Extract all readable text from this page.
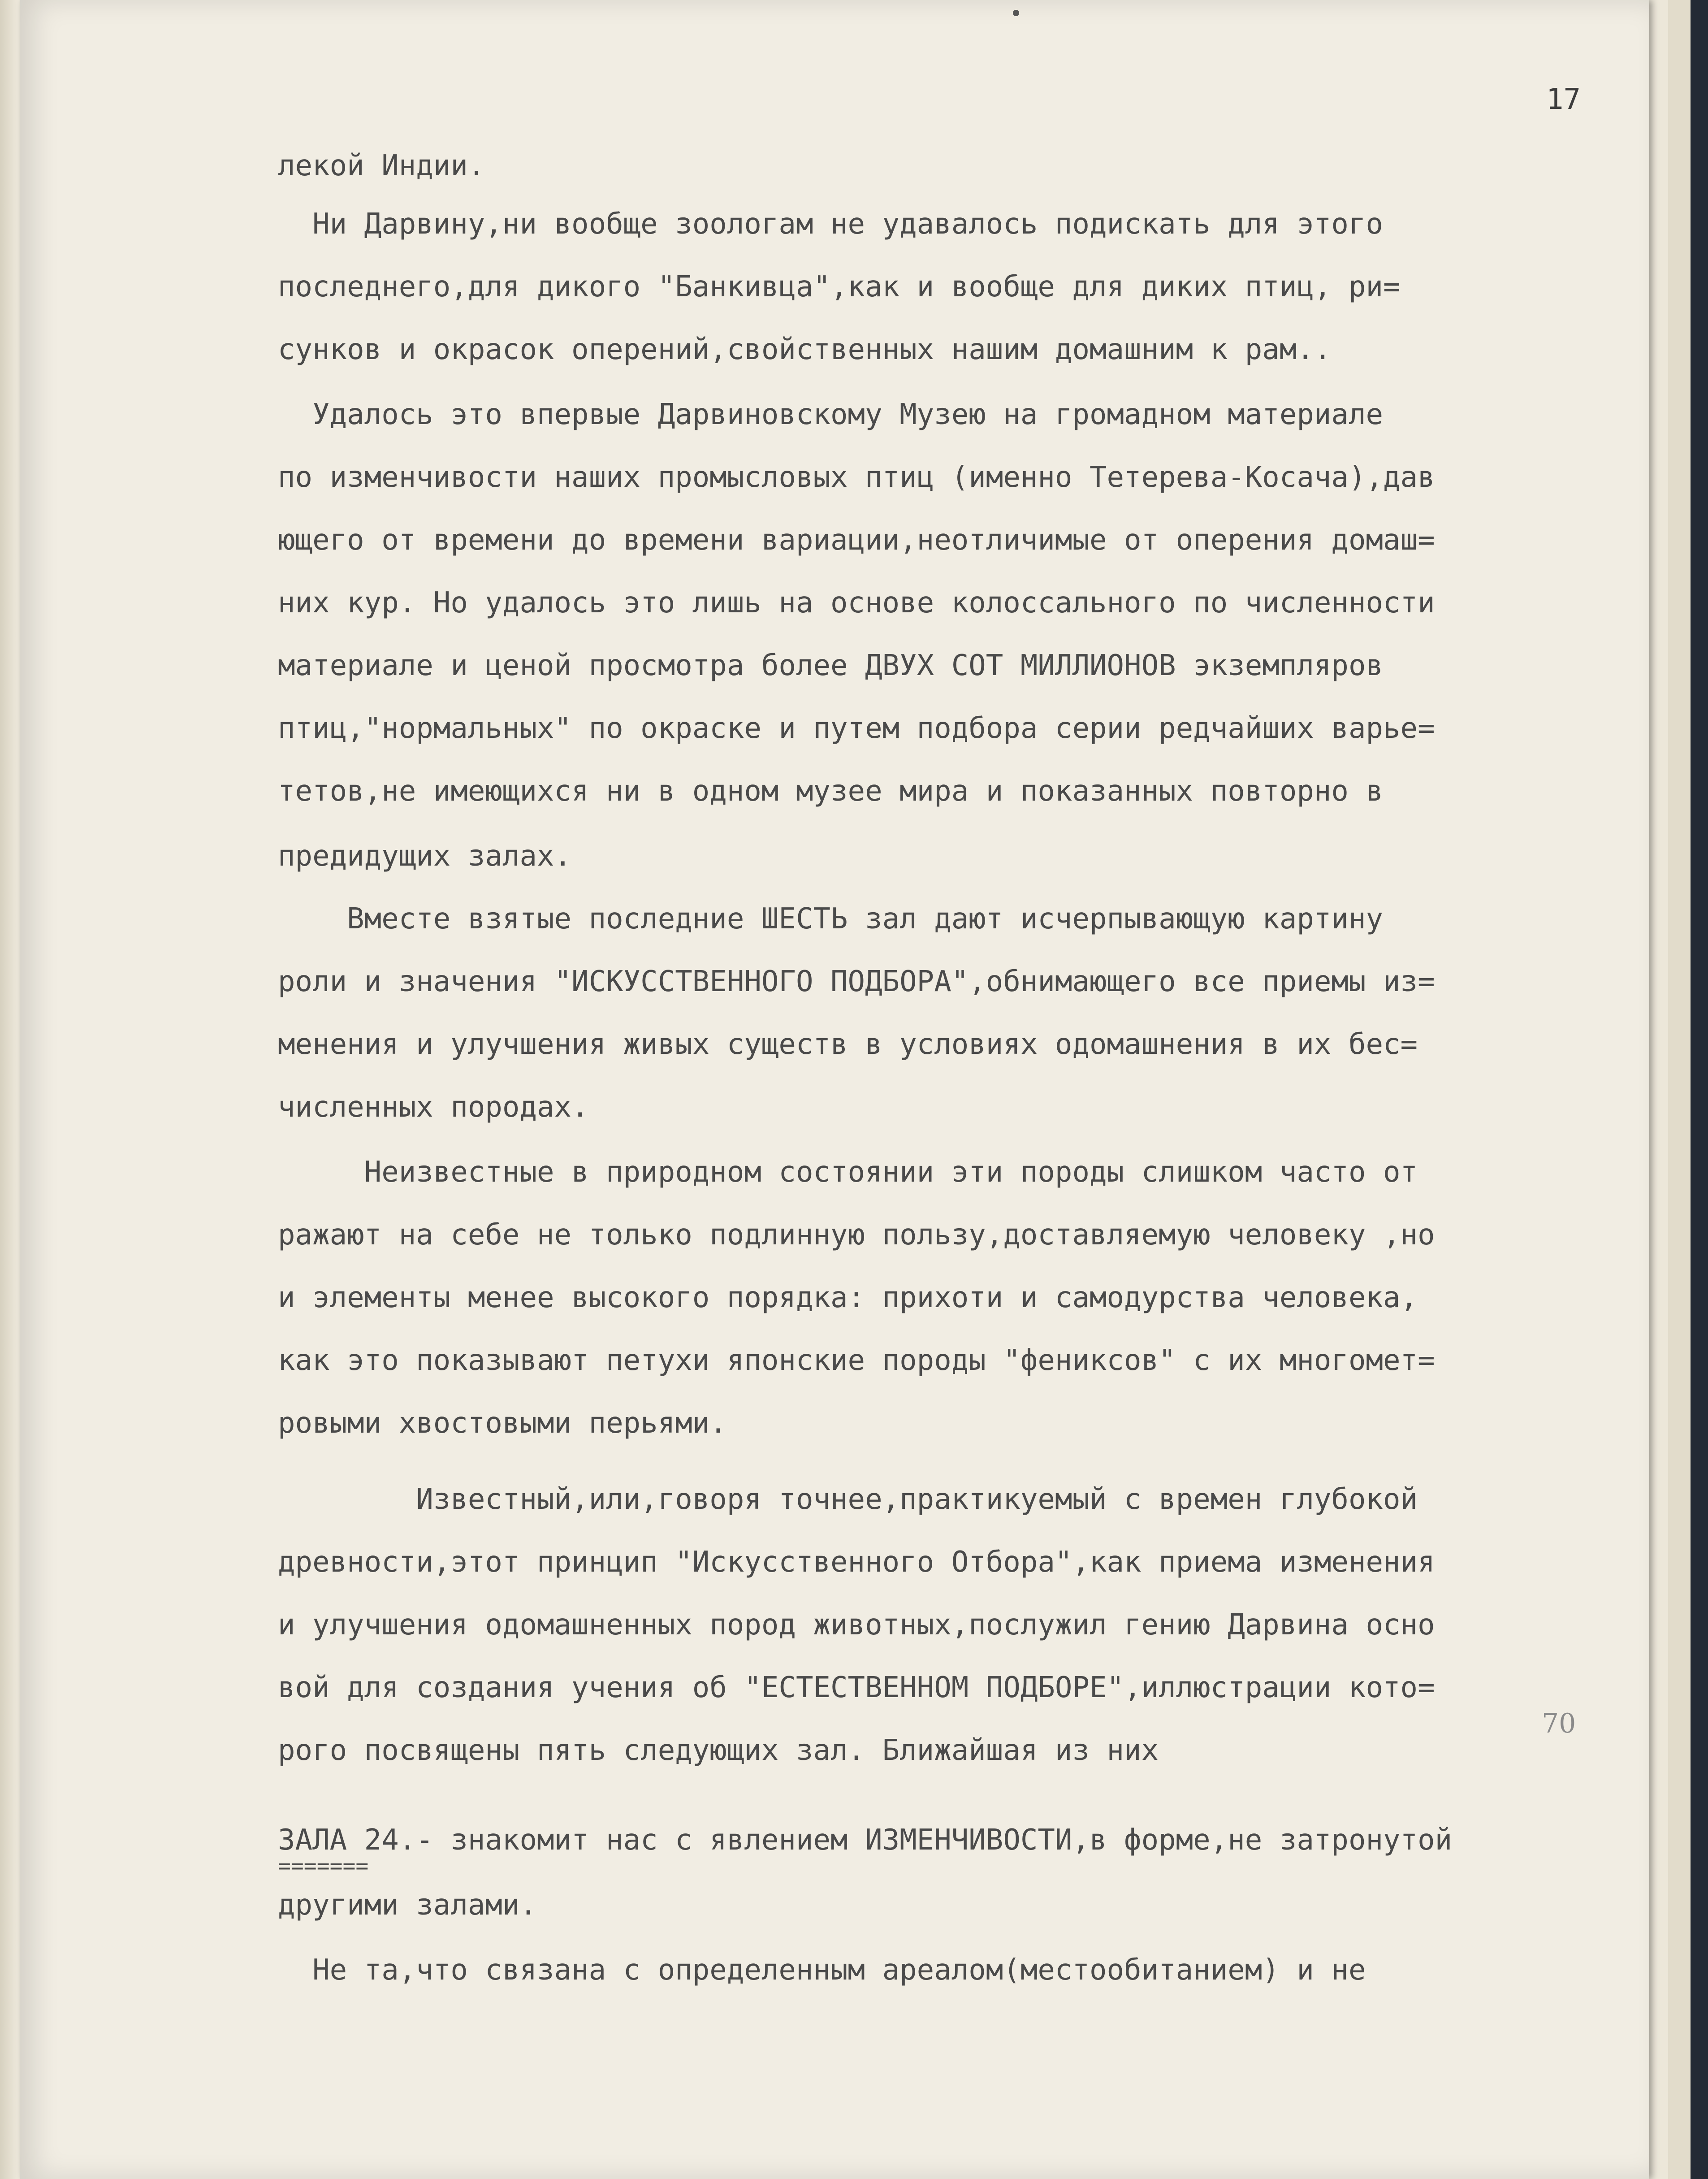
17

лекой Индии.

Ни Дарвину,ни вообще зоологам не удавалось подискать для этого

последнего,для дикого "Банкивца",как и вообще для диких птиц, ри=

сунков и окрасок оперений,свойственных нашим домашним к рам..

Удалось это впервые Дарвиновскому Музею на громадном материале

по изменчивости наших промысловых птиц (именно Тетерева-Косача),дав

ющего от времени до времени вариации,неотличимые от оперения домаш=

них кур. Но удалось это лишь на основе колоссального по численности

материале и ценой просмотра более ДВУХ СОТ МИЛЛИОНОВ экземпляров

птиц,"нормальных" по окраске и путем подбора серии редчайших варье=

тетов,не имеющихся ни в одном музее мира и показанных повторно в

предидущих залах.

Вместе взятые последние ШЕСТЬ зал дают исчерпывающую картину

роли и значения "ИСКУССТВЕННОГО ПОДБОРА",обнимающего все приемы из=

менения и улучшения живых существ в условиях одомашнения в их бес=

численных породах.

Неизвестные в природном состоянии эти породы слишком часто от

ражают на себе не только подлинную пользу,доставляемую человеку ,но

и элементы менее высокого порядка: прихоти и самодурства человека,

как это показывают петухи японские породы "фениксов" с их многомет=

ровыми хвостовыми перьями.

Известный,или,говоря точнее,практикуемый с времен глубокой

древности,этот принцип "Искусственного Отбора",как приема изменения

и улучшения одомашненных пород животных,послужил гению Дарвина осно

вой для создания учения об "ЕСТЕСТВЕННОМ ПОДБОРЕ",иллюстрации кото=

рого посвящены пять следующих зал. Ближайшая из них

70

ЗАЛА 24.- знакомит нас с явлением ИЗМЕНЧИВОСТИ,в форме,не затронутой

=======

другими залами.

Не та,что связана с определенным ареалом(местообитанием) и не
